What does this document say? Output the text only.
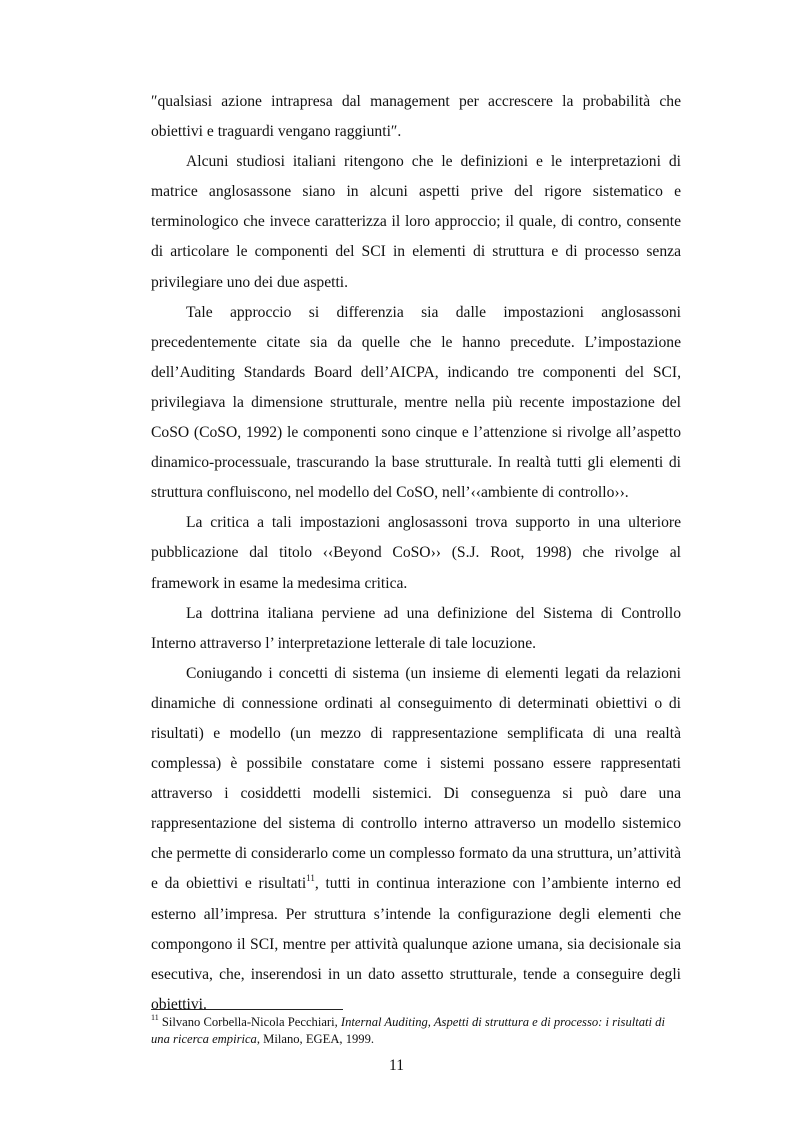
″qualsiasi azione intrapresa dal management per accrescere la probabilità che obiettivi e traguardi vengano raggiunti″.

Alcuni studiosi italiani ritengono che le definizioni e le interpretazioni di matrice anglosassone siano in alcuni aspetti prive del rigore sistematico e terminologico che invece caratterizza il loro approccio; il quale, di contro, consente di articolare le componenti del SCI in elementi di struttura e di processo senza privilegiare uno dei due aspetti.

Tale approccio si differenzia sia dalle impostazioni anglosassoni precedentemente citate sia da quelle che le hanno precedute. L’impostazione dell’Auditing Standards Board dell’AICPA, indicando tre componenti del SCI, privilegiava la dimensione strutturale, mentre nella più recente impostazione del CoSO (CoSO, 1992) le componenti sono cinque e l’attenzione si rivolge all’aspetto dinamico-processuale, trascurando la base strutturale. In realtà tutti gli elementi di struttura confluiscono, nel modello del CoSO, nell’‹‹ambiente di controllo››.

La critica a tali impostazioni anglosassoni trova supporto in una ulteriore pubblicazione dal titolo ‹‹Beyond CoSO›› (S.J. Root, 1998) che rivolge al framework in esame la medesima critica.

La dottrina italiana perviene ad una definizione del Sistema di Controllo Interno attraverso l’ interpretazione letterale di tale locuzione.

Coniugando i concetti di sistema (un insieme di elementi legati da relazioni dinamiche di connessione ordinati al conseguimento di determinati obiettivi o di risultati) e modello (un mezzo di rappresentazione semplificata di una realtà complessa) è possibile constatare come i sistemi possano essere rappresentati attraverso i cosiddetti modelli sistemici. Di conseguenza si può dare una rappresentazione del sistema di controllo interno attraverso un modello sistemico che permette di considerarlo come un complesso formato da una struttura, un’attività e da obiettivi e risultati$^{11}$, tutti in continua interazione con l’ambiente interno ed esterno all’impresa. Per struttura s’intende la configurazione degli elementi che compongono il SCI, mentre per attività qualunque azione umana, sia decisionale sia esecutiva, che, inserendosi in un dato assetto strutturale, tende a conseguire degli obiettivi.

$^{11}$ Silvano Corbella-Nicola Pecchiari, Internal Auditing, Aspetti di struttura e di processo: i risultati di una ricerca empirica, Milano, EGEA, 1999.
11
